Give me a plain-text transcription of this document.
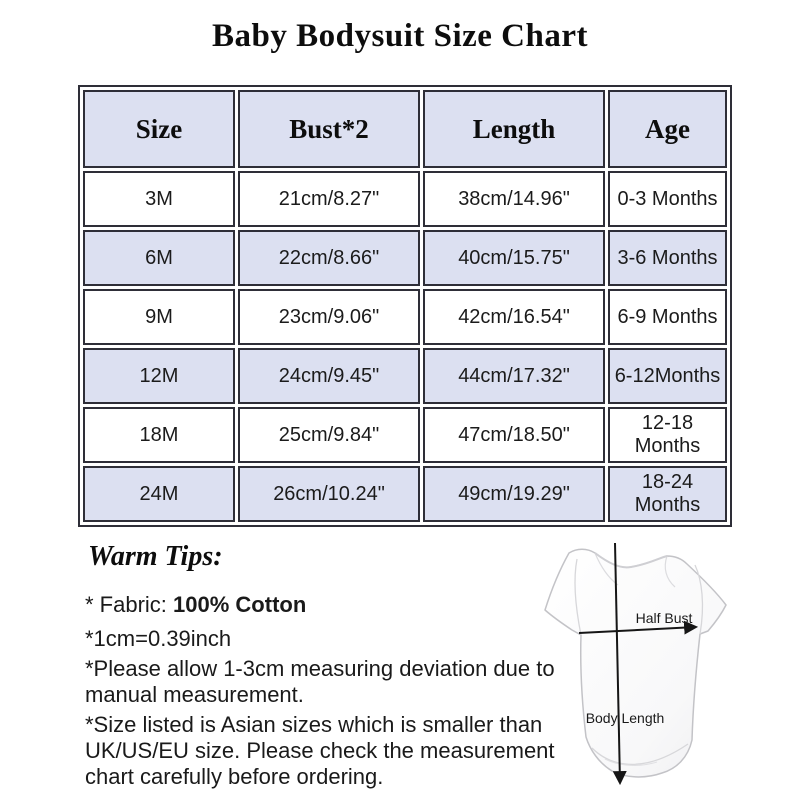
Baby Bodysuit Size Chart
Size	Bust*2	Length	Age
3M	21cm/8.27"	38cm/14.96"	0-3 Months
6M	22cm/8.66"	40cm/15.75"	3-6 Months
9M	23cm/9.06"	42cm/16.54"	6-9 Months
12M	24cm/9.45"	44cm/17.32"	6-12Months
18M	25cm/9.84"	47cm/18.50"	12-18 Months
24M	26cm/10.24"	49cm/19.29"	18-24 Months
Warm Tips:
* Fabric: 100% Cotton
*1cm=0.39inch
*Please allow 1-3cm measuring deviation due to
manual measurement.
*Size listed is Asian sizes which is smaller than
UK/US/EU size. Please check the measurement
chart carefully before ordering.
Half Bust
Body Length
